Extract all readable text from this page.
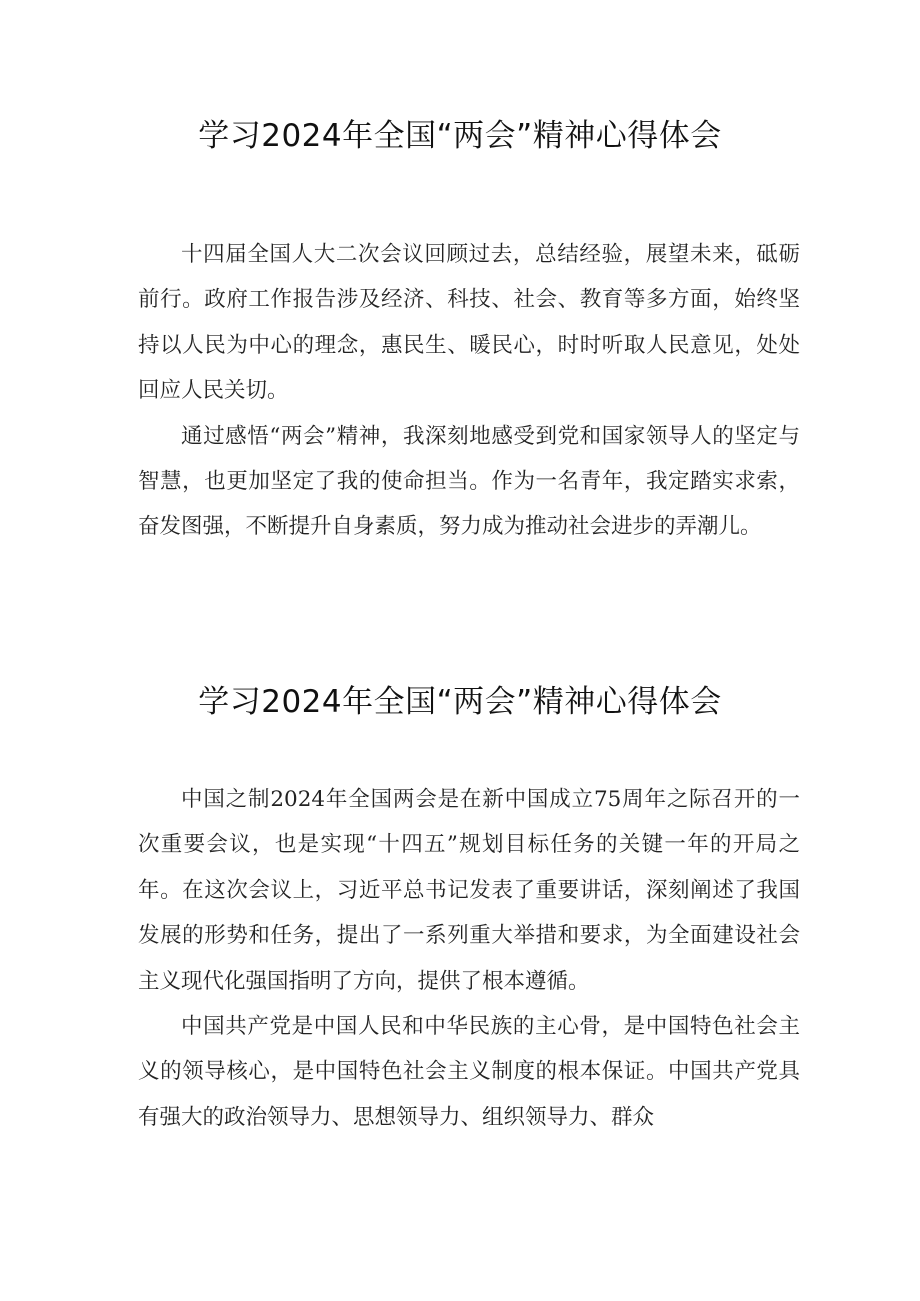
学习2024年全国“两会”精神心得体会

十四届全国人大二次会议回顾过去，总结经验，展望未来，砥砺前行。政府工作报告涉及经济、科技、社会、教育等多方面，始终坚持以人民为中心的理念，惠民生、暖民心，时时听取人民意见，处处回应人民关切。

通过感悟“两会”精神，我深刻地感受到党和国家领导人的坚定与智慧，也更加坚定了我的使命担当。作为一名青年，我定踏实求索，奋发图强，不断提升自身素质，努力成为推动社会进步的弄潮儿。

学习2024年全国“两会”精神心得体会

中国之制2024年全国两会是在新中国成立75周年之际召开的一次重要会议，也是实现“十四五”规划目标任务的关键一年的开局之年。在这次会议上，习近平总书记发表了重要讲话，深刻阐述了我国发展的形势和任务，提出了一系列重大举措和要求，为全面建设社会主义现代化强国指明了方向，提供了根本遵循。

中国共产党是中国人民和中华民族的主心骨，是中国特色社会主义的领导核心，是中国特色社会主义制度的根本保证。中国共产党具有强大的政治领导力、思想领导力、组织领导力、群众
